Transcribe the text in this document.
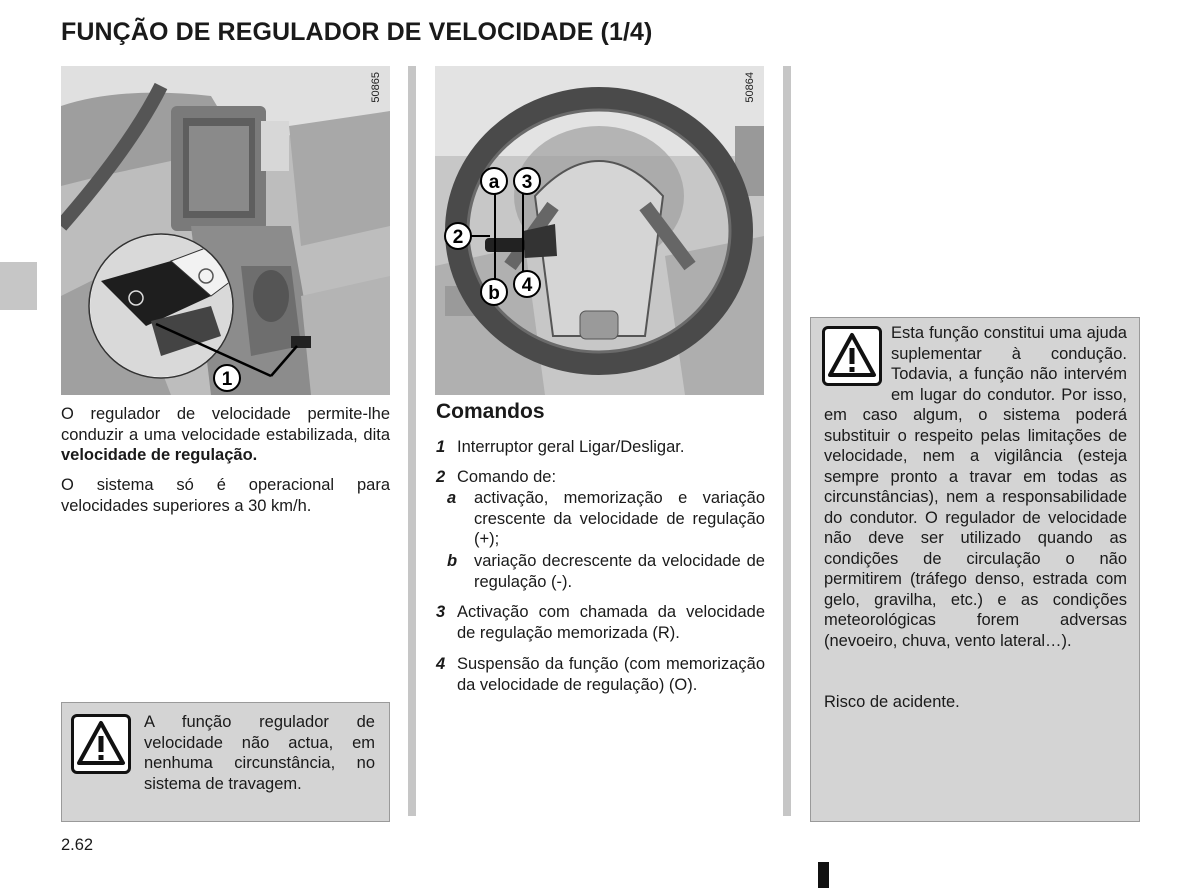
FUNÇÃO DE REGULADOR DE VELOCIDADE (1/4)
1
50865
a 3
2
b 4
50864

O regulador de velocidade permite-lhe conduzir a uma velocidade estabilizada, dita velocidade de regulação.

O sistema só é operacional para velocidades superiores a 30 km/h.

A função regulador de velocidade não actua, em nenhuma circunstância, no sistema de travagem.

Comandos
1 Interruptor geral Ligar/Desligar.
2 Comando de:
a activação, memorização e variação crescente da velocidade de regulação (+);
b variação decrescente da velocidade de regulação (-).
3 Activação com chamada da velocidade de regulação memorizada (R).
4 Suspensão da função (com memorização da velocidade de regulação) (O).
Esta função constitui uma ajuda suplementar à condução. Todavia, a função não intervém em lugar do condutor. Por isso, em caso algum, o sistema poderá substituir o respeito pelas limitações de velocidade, nem a vigilância (esteja sempre pronto a travar em todas as circunstâncias), nem a responsabilidade do condutor. O regulador de velocidade não deve ser utilizado quando as condições de circulação o não permitirem (tráfego denso, estrada com gelo, gravilha, etc.) e as condições meteorológicas forem adversas (nevoeiro, chuva, vento lateral…).

Risco de acidente.

2.62
